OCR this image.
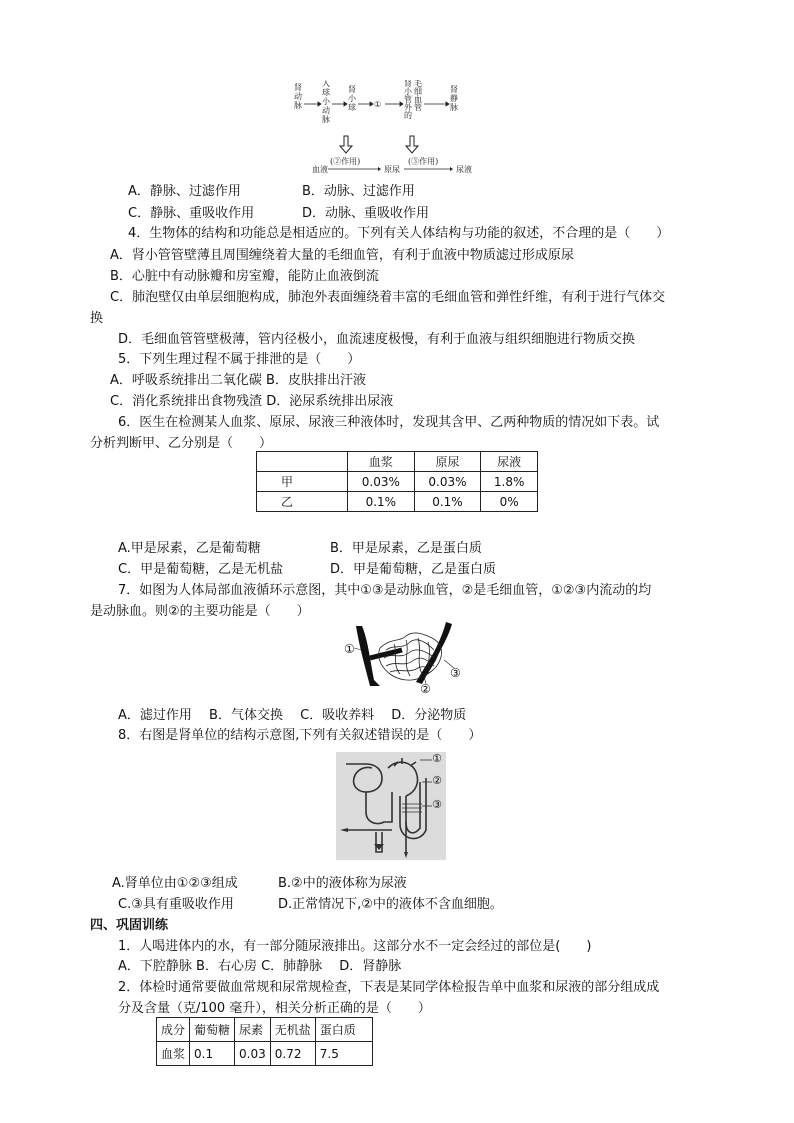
肾动脉
入球小动脉
肾小球 ①
肾小管外的 毛细血管
肾静脉
血液
(②作用)
原尿
(③作用)
尿液
A．静脉、过滤作用	B．动脉、过滤作用
C．静脉、重吸收作用	D．动脉、重吸收作用
4．生物体的结构和功能总是相适应的。下列有关人体结构与功能的叙述，不合理的是（　　）
A．肾小管管壁薄且周围缠绕着大量的毛细血管，有利于血液中物质滤过形成原尿
B．心脏中有动脉瓣和房室瓣，能防止血液倒流
C．肺泡壁仅由单层细胞构成，肺泡外表面缠绕着丰富的毛细血管和弹性纤维，有利于进行气体交
换
D．毛细血管管壁极薄，管内径极小，血流速度极慢，有利于血液与组织细胞进行物质交换
5．下列生理过程不属于排泄的是（　　）
A．呼吸系统排出二氧化碳 B．皮肤排出汗液
C．消化系统排出食物残渣 D．泌尿系统排出尿液
6．医生在检测某人血浆、原尿、尿液三种液体时，发现其含甲、乙两种物质的情况如下表。试
分析判断甲、乙分别是（　　）
	血浆	原尿	尿液
甲	0.03%	0.03%	1.8%
乙	0.1%	0.1%	0%
A.甲是尿素，乙是葡萄糖	B．甲是尿素，乙是蛋白质
C．甲是葡萄糖，乙是无机盐	D．甲是葡萄糖，乙是蛋白质
7．如图为人体局部血液循环示意图，其中①③是动脉血管，②是毛细血管，①②③内流动的均
是动脉血。则②的主要功能是（　　）
①
②
③
A．滤过作用　 B．气体交换　 C．吸收养料　 D．分泌物质
8．右图是肾单位的结构示意图,下列有关叙述错误的是（　　）
①
②
③
A.肾单位由①②③组成	B.②中的液体称为尿液
C.③具有重吸收作用	D.正常情况下,②中的液体不含血细胞。
四、巩固训练
1．人喝进体内的水，有一部分随尿液排出。这部分水不一定会经过的部位是(　　)
A．下腔静脉 B．右心房 C．肺静脉　 D．肾静脉
2．体检时通常要做血常规和尿常规检查，下表是某同学体检报告单中血浆和尿液的部分组成成
分及含量（克/100 毫升），相关分析正确的是（　　）
成分	葡萄糖	尿素	无机盐	蛋白质
血浆	0.1	0.03	0.72	7.5
